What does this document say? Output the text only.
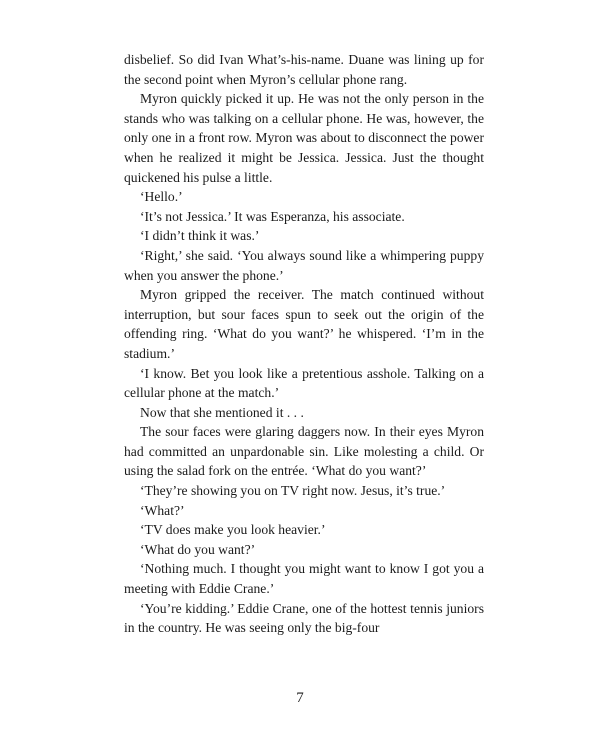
disbelief. So did Ivan What’s-his-name. Duane was lining up for the second point when Myron’s cellular phone rang.

Myron quickly picked it up. He was not the only person in the stands who was talking on a cellular phone. He was, however, the only one in a front row. Myron was about to disconnect the power when he realized it might be Jessica. Jessica. Just the thought quickened his pulse a little.

‘Hello.’

‘It’s not Jessica.’ It was Esperanza, his associate.

‘I didn’t think it was.’

‘Right,’ she said. ‘You always sound like a whimpering puppy when you answer the phone.’

Myron gripped the receiver. The match continued without interruption, but sour faces spun to seek out the origin of the offending ring. ‘What do you want?’ he whispered. ‘I’m in the stadium.’

‘I know. Bet you look like a pretentious asshole. Talking on a cellular phone at the match.’

Now that she mentioned it . . .

The sour faces were glaring daggers now. In their eyes Myron had committed an unpardonable sin. Like molesting a child. Or using the salad fork on the entrée. ‘What do you want?’

‘They’re showing you on TV right now. Jesus, it’s true.’

‘What?’

‘TV does make you look heavier.’

‘What do you want?’

‘Nothing much. I thought you might want to know I got you a meeting with Eddie Crane.’

‘You’re kidding.’ Eddie Crane, one of the hottest tennis juniors in the country. He was seeing only the big-four

7
